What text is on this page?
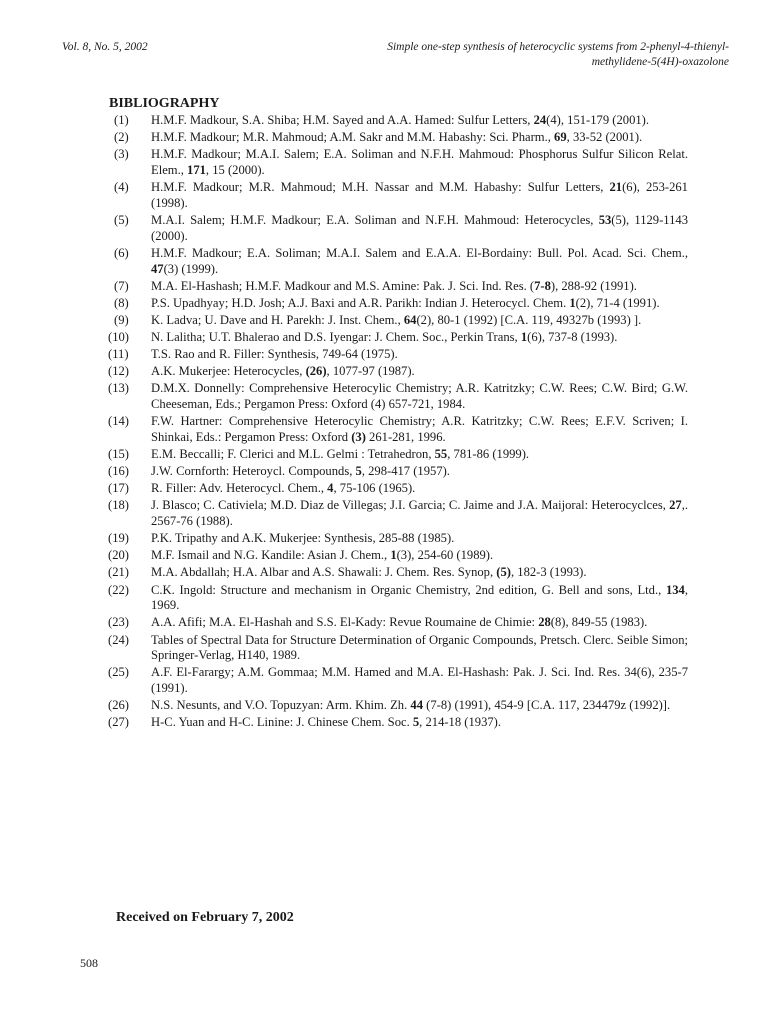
Vol. 8, No. 5, 2002	Simple one-step synthesis of heterocyclic systems from 2-phenyl-4-thienyl-
methylidene-5(4H)-oxazolone
BIBLIOGRAPHY
(1)	H.M.F. Madkour, S.A. Shiba; H.M. Sayed and A.A. Hamed: Sulfur Letters, 24(4), 151-179 (2001).
(2)	H.M.F. Madkour; M.R. Mahmoud; A.M. Sakr and M.M. Habashy: Sci. Pharm., 69, 33-52 (2001).
(3)	H.M.F. Madkour; M.A.I. Salem; E.A. Soliman and N.F.H. Mahmoud: Phosphorus Sulfur Silicon Relat. Elem., 171, 15 (2000).
(4)	H.M.F. Madkour; M.R. Mahmoud; M.H. Nassar and M.M. Habashy: Sulfur Letters, 21(6), 253-261 (1998).
(5)	M.A.I. Salem; H.M.F. Madkour; E.A. Soliman and N.F.H. Mahmoud: Heterocycles, 53(5), 1129-1143 (2000).
(6)	H.M.F. Madkour; E.A. Soliman; M.A.I. Salem and E.A.A. El-Bordainy: Bull. Pol. Acad. Sci. Chem., 47(3) (1999).
(7)	M.A. El-Hashash; H.M.F. Madkour and M.S. Amine: Pak. J. Sci. Ind. Res. (7-8), 288-92 (1991).
(8)	P.S. Upadhyay; H.D. Josh; A.J. Baxi and A.R. Parikh: Indian J. Heterocycl. Chem. 1(2), 71-4 (1991).
(9)	K. Ladva; U. Dave and H. Parekh: J. Inst. Chem., 64(2), 80-1 (1992) [C.A. 119, 49327b (1993) ].
(10)	N. Lalitha; U.T. Bhalerao and D.S. Iyengar: J. Chem. Soc., Perkin Trans, 1(6), 737-8 (1993).
(11)	T.S. Rao and R. Filler: Synthesis, 749-64 (1975).
(12)	A.K. Mukerjee: Heterocycles, (26), 1077-97 (1987).
(13)	D.M.X. Donnelly: Comprehensive Heterocylic Chemistry; A.R. Katritzky; C.W. Rees; C.W. Bird; G.W. Cheeseman, Eds.; Pergamon Press: Oxford (4) 657-721, 1984.
(14)	F.W. Hartner: Comprehensive Heterocylic Chemistry; A.R. Katritzky; C.W. Rees; E.F.V. Scriven; I. Shinkai, Eds.: Pergamon Press: Oxford (3) 261-281, 1996.
(15)	E.M. Beccalli; F. Clerici and M.L. Gelmi : Tetrahedron, 55, 781-86 (1999).
(16)	J.W. Cornforth: Heteroycl. Compounds, 5, 298-417 (1957).
(17)	R. Filler: Adv. Heterocycl. Chem., 4, 75-106 (1965).
(18)	J. Blasco; C. Cativiela; M.D. Diaz de Villegas; J.I. Garcia; C. Jaime and J.A. Maijoral: Heterocyclces, 27,. 2567-76 (1988).
(19)	P.K. Tripathy and A.K. Mukerjee: Synthesis, 285-88 (1985).
(20)	M.F. Ismail and N.G. Kandile: Asian J. Chem., 1(3), 254-60 (1989).
(21)	M.A. Abdallah; H.A. Albar and A.S. Shawali: J. Chem. Res. Synop, (5), 182-3 (1993).
(22)	C.K. Ingold: Structure and mechanism in Organic Chemistry, 2nd edition, G. Bell and sons, Ltd., 134, 1969.
(23)	A.A. Afifi; M.A. El-Hashah and S.S. El-Kady: Revue Roumaine de Chimie: 28(8), 849-55 (1983).
(24)	Tables of Spectral Data for Structure Determination of Organic Compounds, Pretsch. Clerc. Seible Simon; Springer-Verlag, H140, 1989.
(25)	A.F. El-Farargy; A.M. Gommaa; M.M. Hamed and M.A. El-Hashash: Pak. J. Sci. Ind. Res. 34(6), 235-7 (1991).
(26)	N.S. Nesunts, and V.O. Topuzyan: Arm. Khim. Zh. 44 (7-8) (1991), 454-9 [C.A. 117, 234479z (1992)].
(27)	H-C. Yuan and H-C. Linine: J. Chinese Chem. Soc. 5, 214-18 (1937).
Received on February 7, 2002
508
